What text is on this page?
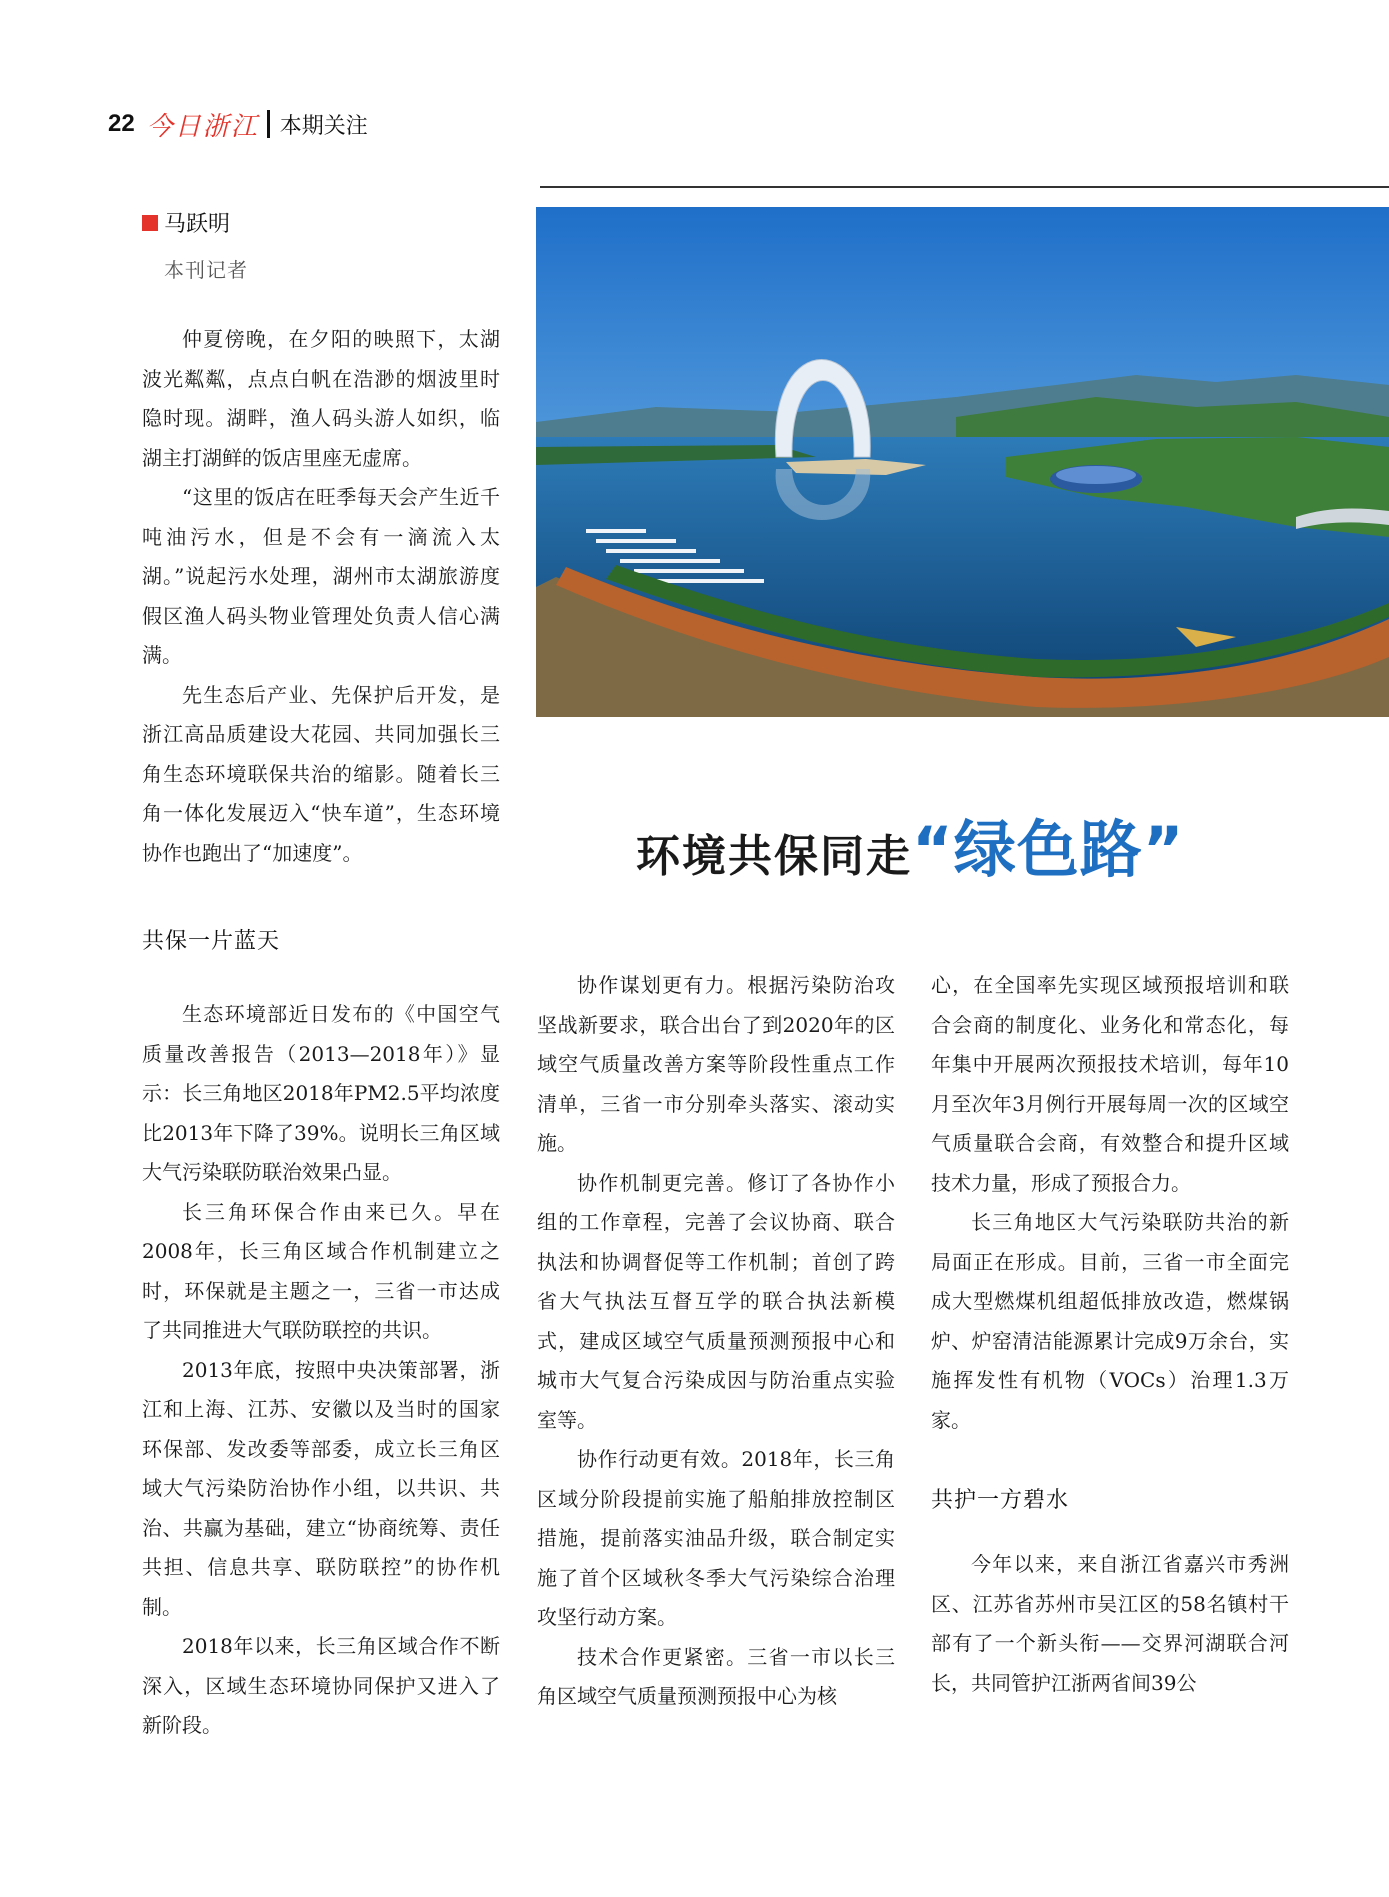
22 今日浙江 本期关注
马跃明
本刊记者
环境共保同走“绿色路”

仲夏傍晚，在夕阳的映照下，太湖波光粼粼，点点白帆在浩渺的烟波里时隐时现。湖畔，渔人码头游人如织，临湖主打湖鲜的饭店里座无虚席。

“这里的饭店在旺季每天会产生近千吨油污水，但是不会有一滴流入太湖。”说起污水处理，湖州市太湖旅游度假区渔人码头物业管理处负责人信心满满。

先生态后产业、先保护后开发，是浙江高品质建设大花园、共同加强长三角生态环境联保共治的缩影。随着长三角一体化发展迈入“快车道”，生态环境协作也跑出了“加速度”。

共保一片蓝天

生态环境部近日发布的《中国空气质量改善报告（2013—2018年）》显示：长三角地区2018年PM2.5平均浓度比2013年下降了39%。说明长三角区域大气污染联防联治效果凸显。

长三角环保合作由来已久。早在2008年，长三角区域合作机制建立之时，环保就是主题之一，三省一市达成了共同推进大气联防联控的共识。

2013年底，按照中央决策部署，浙江和上海、江苏、安徽以及当时的国家环保部、发改委等部委，成立长三角区域大气污染防治协作小组，以共识、共治、共赢为基础，建立“协商统筹、责任共担、信息共享、联防联控”的协作机制。

2018年以来，长三角区域合作不断深入，区域生态环境协同保护又进入了新阶段。

协作谋划更有力。根据污染防治攻坚战新要求，联合出台了到2020年的区域空气质量改善方案等阶段性重点工作清单，三省一市分别牵头落实、滚动实施。

协作机制更完善。修订了各协作小组的工作章程，完善了会议协商、联合执法和协调督促等工作机制；首创了跨省大气执法互督互学的联合执法新模式，建成区域空气质量预测预报中心和城市大气复合污染成因与防治重点实验室等。

协作行动更有效。2018年，长三角区域分阶段提前实施了船舶排放控制区措施，提前落实油品升级，联合制定实施了首个区域秋冬季大气污染综合治理攻坚行动方案。

技术合作更紧密。三省一市以长三角区域空气质量预测预报中心为核

心，在全国率先实现区域预报培训和联合会商的制度化、业务化和常态化，每年集中开展两次预报技术培训，每年10月至次年3月例行开展每周一次的区域空气质量联合会商，有效整合和提升区域技术力量，形成了预报合力。

长三角地区大气污染联防共治的新局面正在形成。目前，三省一市全面完成大型燃煤机组超低排放改造，燃煤锅炉、炉窑清洁能源累计完成9万余台，实施挥发性有机物（VOCs）治理1.3万家。

共护一方碧水

今年以来，来自浙江省嘉兴市秀洲区、江苏省苏州市吴江区的58名镇村干部有了一个新头衔——交界河湖联合河长，共同管护江浙两省间39公
